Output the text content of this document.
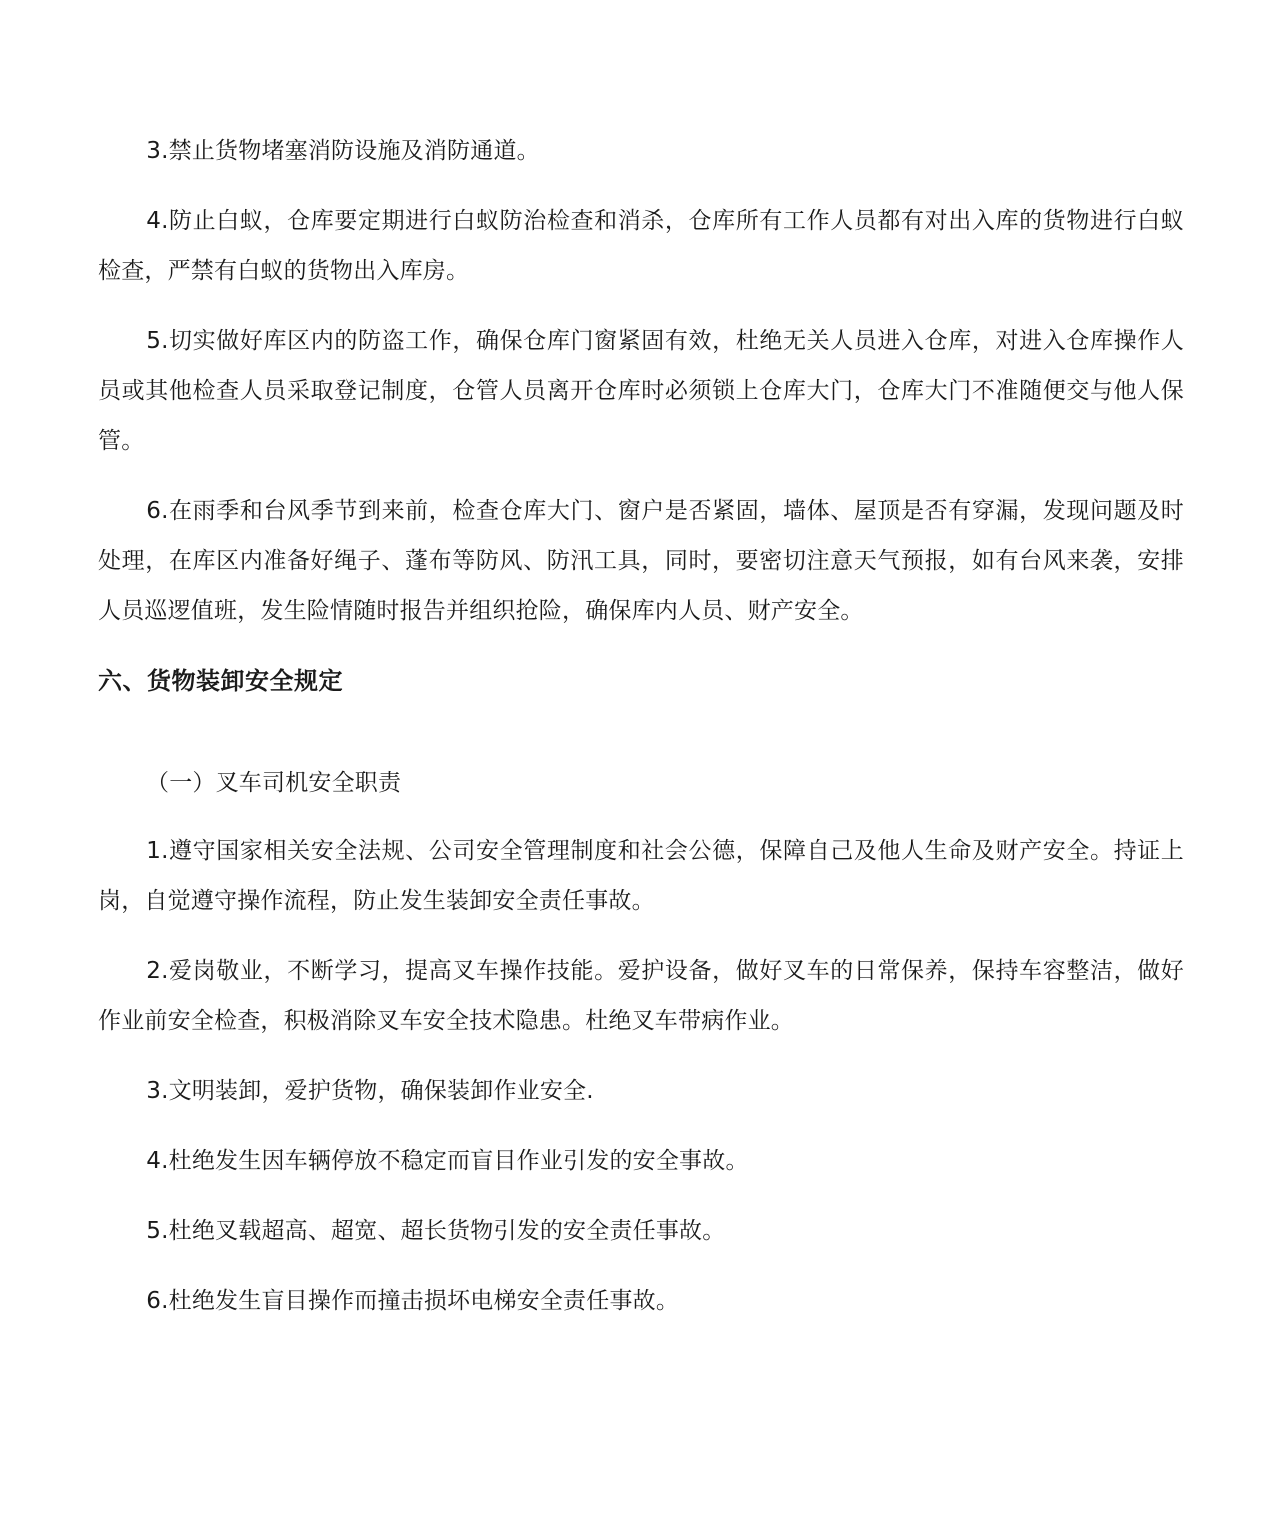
3.禁止货物堵塞消防设施及消防通道。

4.防止白蚁，仓库要定期进行白蚁防治检查和消杀，仓库所有工作人员都有对出入库的货物进行白蚁检查，严禁有白蚁的货物出入库房。

5.切实做好库区内的防盗工作，确保仓库门窗紧固有效，杜绝无关人员进入仓库，对进入仓库操作人员或其他检查人员采取登记制度，仓管人员离开仓库时必须锁上仓库大门，仓库大门不准随便交与他人保管。

6.在雨季和台风季节到来前，检查仓库大门、窗户是否紧固，墙体、屋顶是否有穿漏，发现问题及时处理，在库区内准备好绳子、蓬布等防风、防汛工具，同时，要密切注意天气预报，如有台风来袭，安排人员巡逻值班，发生险情随时报告并组织抢险，确保库内人员、财产安全。

六、货物装卸安全规定

（一）叉车司机安全职责

1.遵守国家相关安全法规、公司安全管理制度和社会公德，保障自己及他人生命及财产安全。持证上岗，自觉遵守操作流程，防止发生装卸安全责任事故。

2.爱岗敬业，不断学习，提高叉车操作技能。爱护设备，做好叉车的日常保养，保持车容整洁，做好作业前安全检查，积极消除叉车安全技术隐患。杜绝叉车带病作业。

3.文明装卸，爱护货物，确保装卸作业安全.

4.杜绝发生因车辆停放不稳定而盲目作业引发的安全事故。

5.杜绝叉载超高、超宽、超长货物引发的安全责任事故。

6.杜绝发生盲目操作而撞击损坏电梯安全责任事故。
